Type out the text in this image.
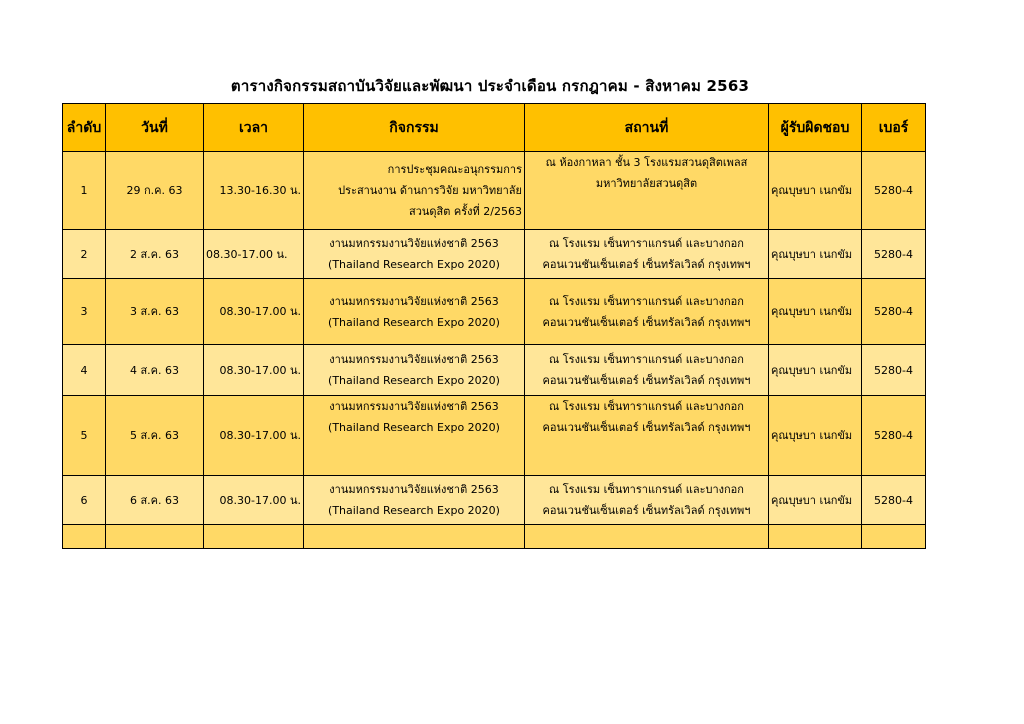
ตารางกิจกรรมสถาบันวิจัยและพัฒนา ประจำเดือน กรกฎาคม - สิงหาคม 2563
ลำดับ	วันที่	เวลา	กิจกรรม	สถานที่	ผู้รับผิดชอบ	เบอร์
1	29 ก.ค. 63	13.30-16.30 น.	การประชุมคณะอนุกรรมการ
ประสานงาน ด้านการวิจัย มหาวิทยาลัย
สวนดุสิต ครั้งที่ 2/2563	ณ ห้องกาหลา ชั้น 3 โรงแรมสวนดุสิตเพลส
มหาวิทยาลัยสวนดุสิต	คุณบุษบา เนกขัม	5280-4
2	2 ส.ค. 63	08.30-17.00 น.	งานมหกรรมงานวิจัยแห่งชาติ 2563
(Thailand Research Expo 2020)	ณ โรงแรม เซ็นทาราแกรนด์ และบางกอก
คอนเวนชันเซ็นเตอร์ เซ็นทรัลเวิลด์ กรุงเทพฯ	คุณบุษบา เนกขัม	5280-4
3	3 ส.ค. 63	08.30-17.00 น.	งานมหกรรมงานวิจัยแห่งชาติ 2563
(Thailand Research Expo 2020)	ณ โรงแรม เซ็นทาราแกรนด์ และบางกอก
คอนเวนชันเซ็นเตอร์ เซ็นทรัลเวิลด์ กรุงเทพฯ	คุณบุษบา เนกขัม	5280-4
4	4 ส.ค. 63	08.30-17.00 น.	งานมหกรรมงานวิจัยแห่งชาติ 2563
(Thailand Research Expo 2020)	ณ โรงแรม เซ็นทาราแกรนด์ และบางกอก
คอนเวนชันเซ็นเตอร์ เซ็นทรัลเวิลด์ กรุงเทพฯ	คุณบุษบา เนกขัม	5280-4
5	5 ส.ค. 63	08.30-17.00 น.	งานมหกรรมงานวิจัยแห่งชาติ 2563
(Thailand Research Expo 2020)	ณ โรงแรม เซ็นทาราแกรนด์ และบางกอก
คอนเวนชันเซ็นเตอร์ เซ็นทรัลเวิลด์ กรุงเทพฯ	คุณบุษบา เนกขัม	5280-4
6	6 ส.ค. 63	08.30-17.00 น.	งานมหกรรมงานวิจัยแห่งชาติ 2563
(Thailand Research Expo 2020)	ณ โรงแรม เซ็นทาราแกรนด์ และบางกอก
คอนเวนชันเซ็นเตอร์ เซ็นทรัลเวิลด์ กรุงเทพฯ	คุณบุษบา เนกขัม	5280-4
